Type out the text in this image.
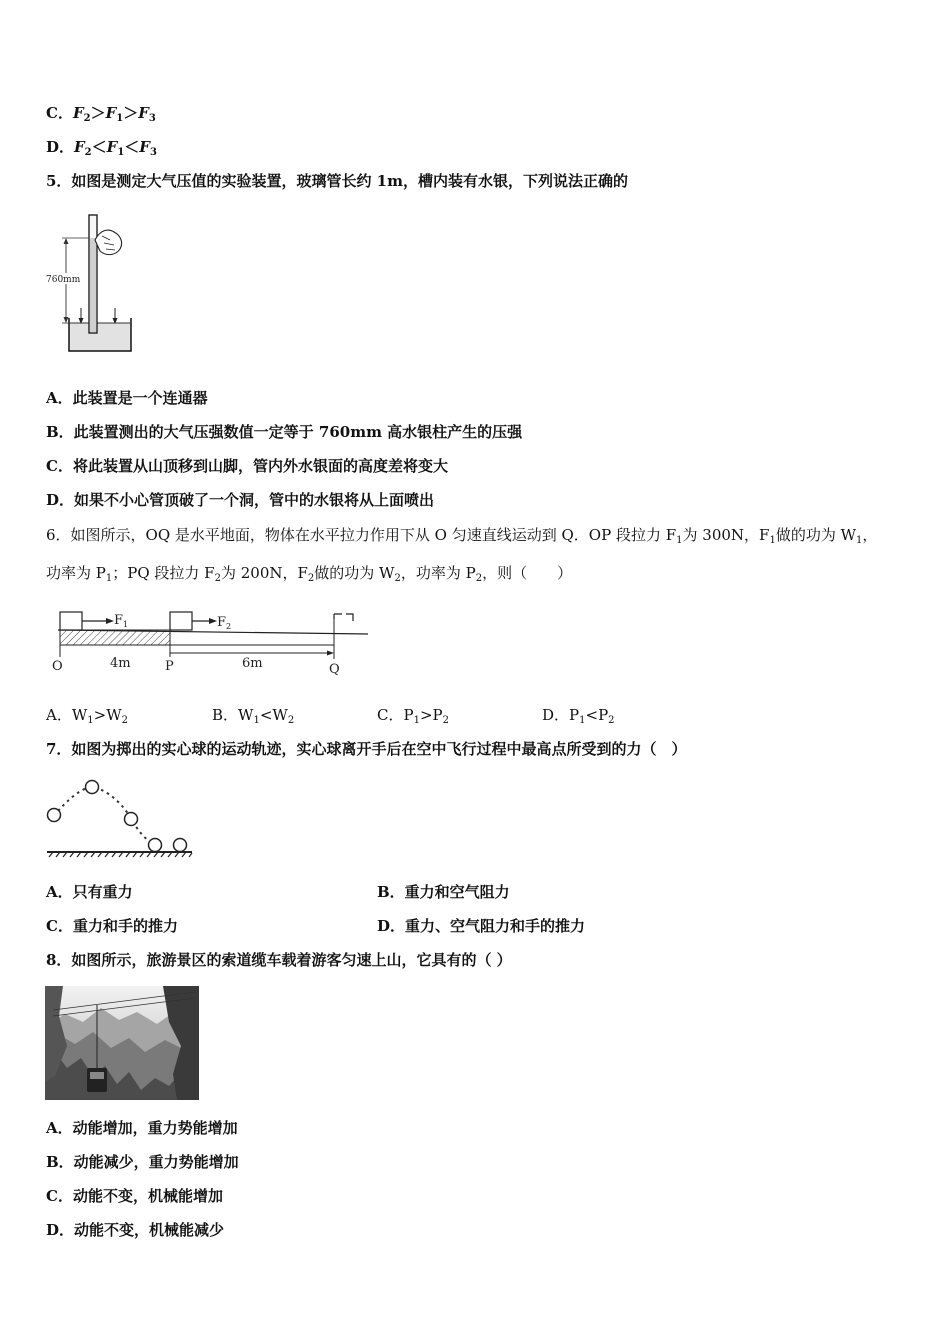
C．$F_2>F_1>F_3$
D．$F_2<F_1<F_3$
5．如图是测定大气压值的实验装置，玻璃管长约 1m，槽内装有水银，下列说法正确的
760mm
A．此装置是一个连通器
B．此装置测出的大气压强数值一定等于 760mm 高水银柱产生的压强
C．将此装置从山顶移到山脚，管内外水银面的高度差将变大
D．如果不小心管顶破了一个洞，管中的水银将从上面喷出
6．如图所示，OQ 是水平地面，物体在水平拉力作用下从 O 匀速直线运动到 Q．OP 段拉力 $F_1$为 300N，$F_1$做的功为 $W_1$，
功率为 $P_1$；PQ 段拉力 $F_2$为 200N，$F_2$做的功为 $W_2$，功率为 $P_2$，则（　　）
F 1	F 2
O	4m	P	6m	Q
A．$W_1>W_2$	B．$W_1<W_2$	C．$P_1>P_2$	D．$P_1<P_2$
7．如图为掷出的实心球的运动轨迹，实心球离开手后在空中飞行过程中最高点所受到的力（　）
A．只有重力	B．重力和空气阻力
C．重力和手的推力	D．重力、空气阻力和手的推力
8．如图所示，旅游景区的索道缆车载着游客匀速上山，它具有的（ ）
A．动能增加，重力势能增加
B．动能减少，重力势能增加
C．动能不变，机械能增加
D．动能不变，机械能减少
